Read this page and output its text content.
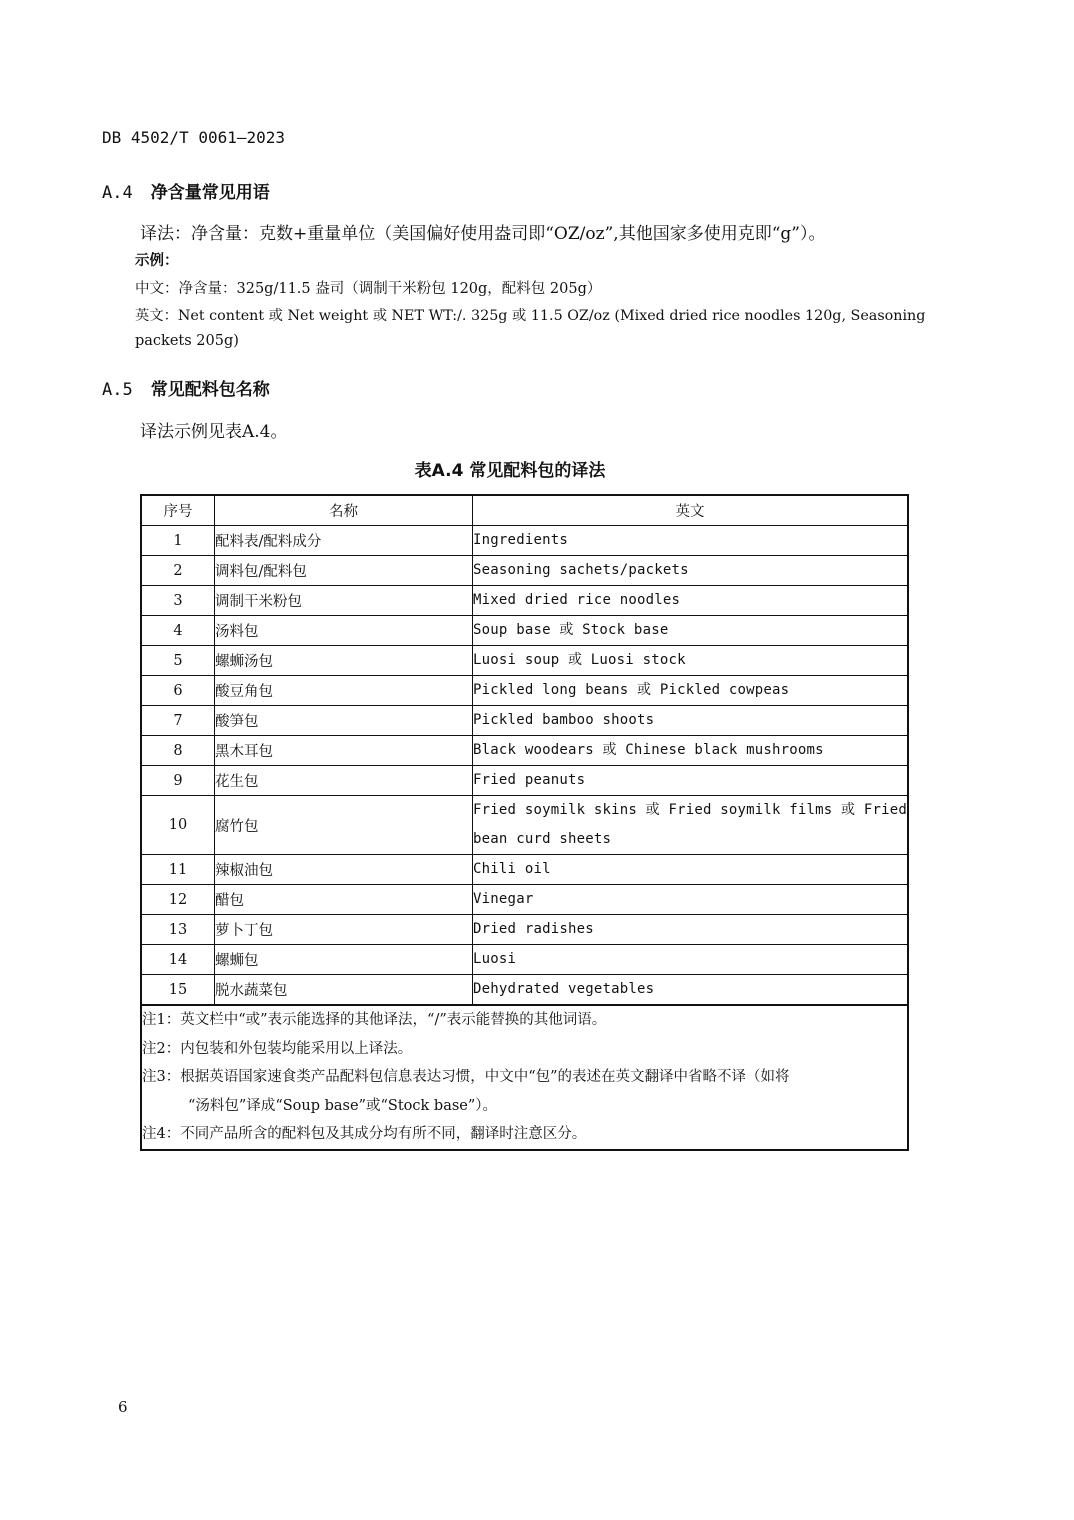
DB 4502/T 0061—2023
A.4 净含量常见用语
译法：净含量：克数+重量单位（美国偏好使用盎司即“OZ/oz”,其他国家多使用克即“g”）。
示例：
中文：净含量：325g/11.5 盎司（调制干米粉包 120g，配料包 205g）
英文：Net content 或 Net weight 或 NET WT:/. 325g 或 11.5 OZ/oz (Mixed dried rice noodles 120g, Seasoning
packets 205g)
A.5 常见配料包名称
译法示例见表A.4。
表A.4 常见配料包的译法
序号	名称	英文
1	配料表/配料成分	Ingredients
2	调料包/配料包	Seasoning sachets/packets
3	调制干米粉包	Mixed dried rice noodles
4	汤料包	Soup base 或 Stock base
5	螺蛳汤包	Luosi soup 或 Luosi stock
6	酸豆角包	Pickled long beans 或 Pickled cowpeas
7	酸笋包	Pickled bamboo shoots
8	黑木耳包	Black woodears 或 Chinese black mushrooms
9	花生包	Fried peanuts
10	腐竹包	Fried soymilk skins 或 Fried soymilk films 或 Fried
bean curd sheets

11	辣椒油包	Chili oil
12	醋包	Vinegar
13	萝卜丁包	Dried radishes
14	螺蛳包	Luosi
15	脱水蔬菜包	Dehydrated vegetables

注1：英文栏中“或”表示能选择的其他译法，“/”表示能替换的其他词语。
注2：内包装和外包装均能采用以上译法。
注3：根据英语国家速食类产品配料包信息表达习惯，中文中“包”的表述在英文翻译中省略不译（如将
“汤料包”译成“Soup base”或“Stock base”）。
注4：不同产品所含的配料包及其成分均有所不同，翻译时注意区分。		
6
